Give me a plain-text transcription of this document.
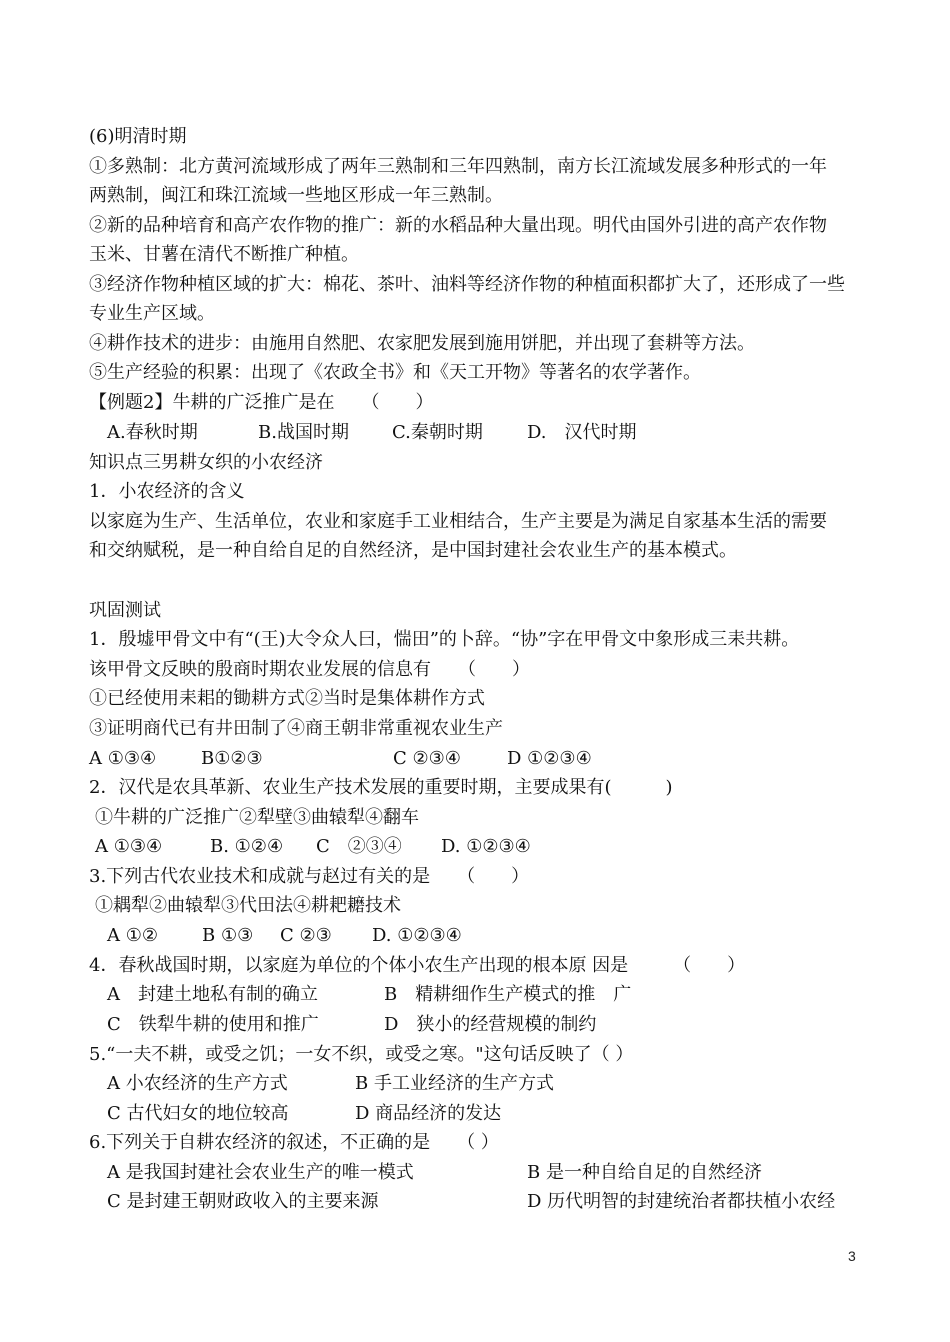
(6)明清时期
①多熟制：北方黄河流域形成了两年三熟制和三年四熟制，南方长江流域发展多种形式的一年
两熟制，闽江和珠江流域一些地区形成一年三熟制。
②新的品种培育和高产农作物的推广：新的水稻品种大量出现。明代由国外引进的高产农作物
玉米、甘薯在清代不断推广种植。
③经济作物种植区域的扩大：棉花、茶叶、油料等经济作物的种植面积都扩大了，还形成了一些
专业生产区域。
④耕作技术的进步：由施用自然肥、农家肥发展到施用饼肥，并出现了套耕等方法。
⑤生产经验的积累：出现了《农政全书》和《天工开物》等著名的农学著作。
【例题2】牛耕的广泛推广是在　　（　　）
A.春秋时期	B.战国时期 C.秦朝时期 D.　汉代时期
知识点三男耕女织的小农经济
1．小农经济的含义
以家庭为生产、生活单位，农业和家庭手工业相结合，生产主要是为满足自家基本生活的需要
和交纳赋税，是一种自给自足的自然经济，是中国封建社会农业生产的基本模式。
巩固测试
1．殷墟甲骨文中有“(王)大令众人曰，惴田”的卜辞。“协”字在甲骨文中象形成三耒共耕。
该甲骨文反映的殷商时期农业发展的信息有　　（　　）
①已经使用耒耜的锄耕方式②当时是集体耕作方式
③证明商代已有井田制了④商王朝非常重视农业生产
A ①③④ B①②③	C ②③④	D ①②③④
2．汉代是农具革新、农业生产技术发展的重要时期，主要成果有(　　　)
①牛耕的广泛推广②犁壁③曲辕犁④翻车
A ①③④	B. ①②④ C　②③④ D. ①②③④
3.下列古代农业技术和成就与赵过有关的是　　（　　）
①耦犁②曲辕犁③代田法④耕耙耱技术
A ①② B ①③ C ②③ D. ①②③④
4．春秋战国时期，以家庭为单位的个体小农生产出现的根本原 因是　　　（　　）
A　封建土地私有制的确立	B　精耕细作生产模式的推　广
C　铁犁牛耕的使用和推广	D　狭小的经营规模的制约
5.“一夫不耕，或受之饥；一女不织，或受之寒。"这句话反映了（ ）
A 小农经济的生产方式	B 手工业经济的生产方式
C 古代妇女的地位较高	D 商品经济的发达
6.下列关于自耕农经济的叙述，不正确的是　　（ ）
A 是我国封建社会农业生产的唯一模式	B 是一种自给自足的自然经济
C 是封建王朝财政收入的主要来源	D 历代明智的封建统治者都扶植小农经
3
